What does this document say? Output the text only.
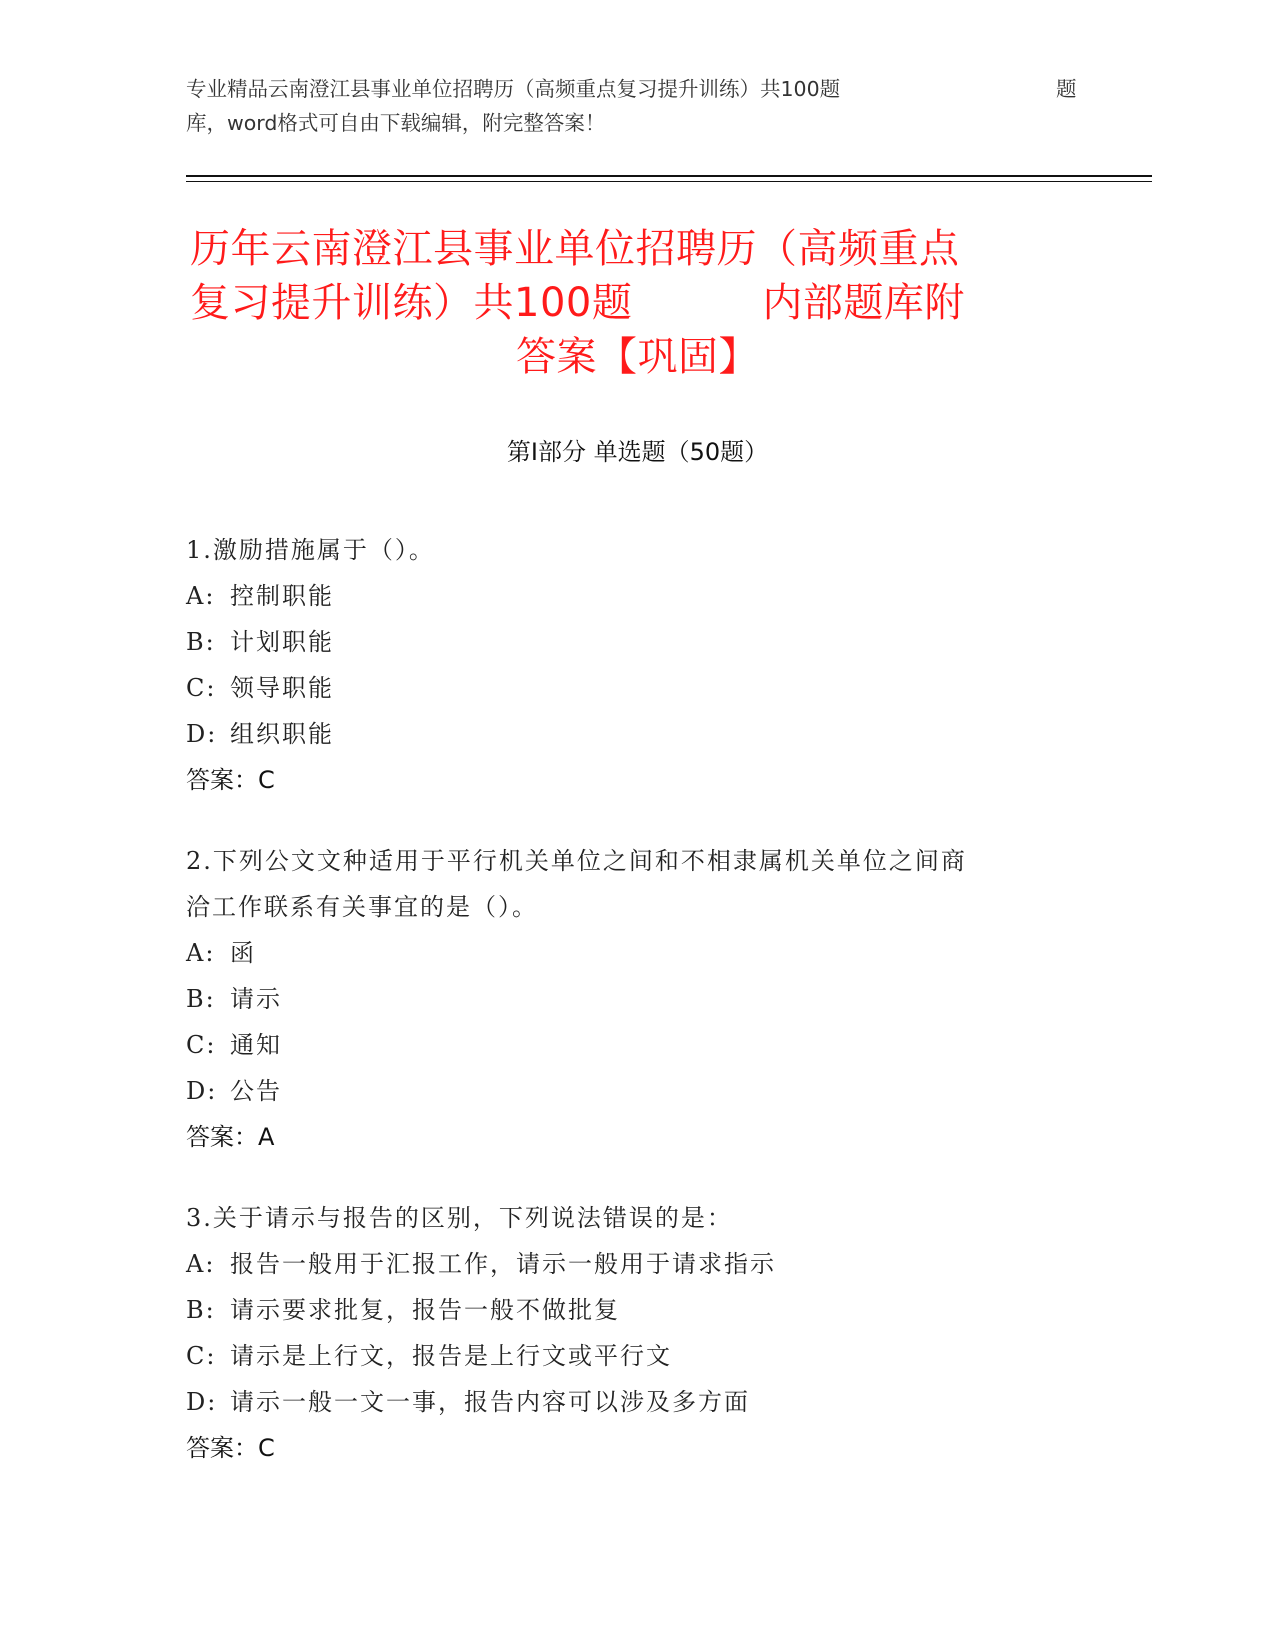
专业精品云南澄江县事业单位招聘历（高频重点复习提升训练）共100题	题
库，word格式可自由下载编辑，附完整答案！
历年云南澄江县事业单位招聘历（高频重点
复习提升训练）共100题	内部题库附
答案【巩固】
第Ⅰ部分 单选题（50题）
1.激励措施属于（）。
A: 控制职能
B: 计划职能
C: 领导职能
D: 组织职能
答案：C
2.下列公文文种适用于平行机关单位之间和不相隶属机关单位之间商
洽工作联系有关事宜的是（）。
A: 函
B: 请示
C: 通知
D: 公告
答案：A
3.关于请示与报告的区别，下列说法错误的是：
A: 报告一般用于汇报工作，请示一般用于请求指示
B: 请示要求批复，报告一般不做批复
C: 请示是上行文，报告是上行文或平行文
D: 请示一般一文一事，报告内容可以涉及多方面
答案：C
